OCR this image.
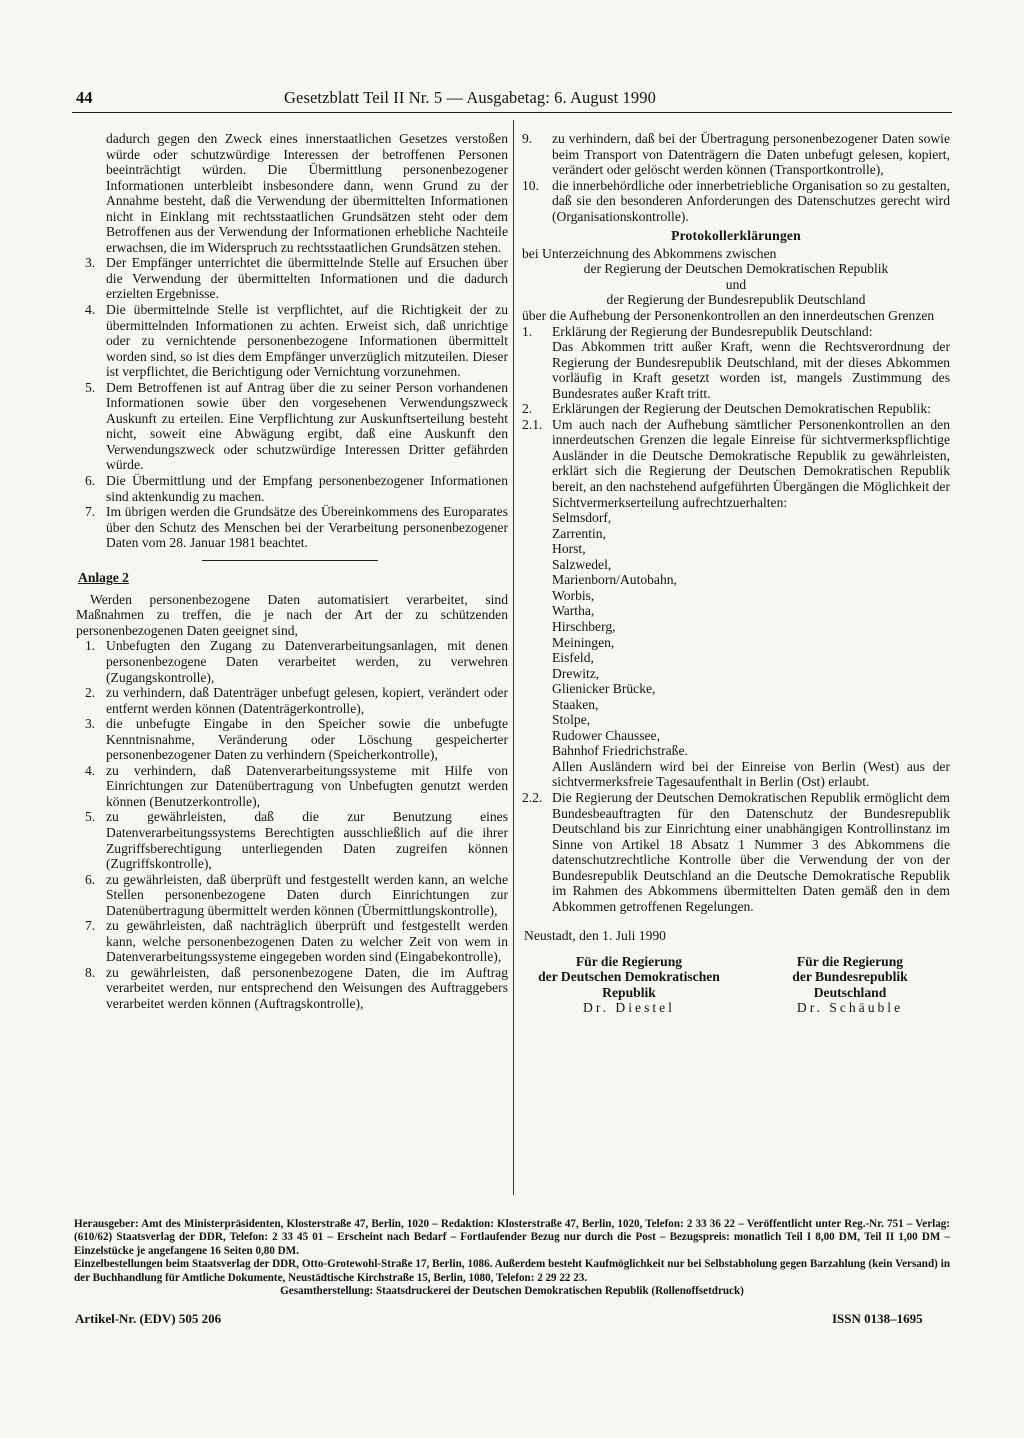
44	Gesetzblatt Teil II Nr. 5 — Ausgabetag: 6. August 1990

dadurch gegen den Zweck eines innerstaatlichen Gesetzes verstoßen würde oder schutzwürdige Interessen der betroffenen Personen beeinträchtigt würden. Die Übermittlung personenbezogener Informationen unterbleibt insbesondere dann, wenn Grund zu der Annahme besteht, daß die Verwendung der übermittelten Informationen nicht in Einklang mit rechtsstaatlichen Grundsätzen steht oder dem Betroffenen aus der Verwendung der Informationen erhebliche Nachteile erwachsen, die im Widerspruch zu rechtsstaatlichen Grundsätzen stehen.

3. Der Empfänger unterrichtet die übermittelnde Stelle auf Ersuchen über die Verwendung der übermittelten Informationen und die dadurch erzielten Ergebnisse.
4. Die übermittelnde Stelle ist verpflichtet, auf die Richtigkeit der zu übermittelnden Informationen zu achten. Erweist sich, daß unrichtige oder zu vernichtende personenbezogene Informationen übermittelt worden sind, so ist dies dem Empfänger unverzüglich mitzuteilen. Dieser ist verpflichtet, die Berichtigung oder Vernichtung vorzunehmen.
5. Dem Betroffenen ist auf Antrag über die zu seiner Person vorhandenen Informationen sowie über den vorgesehenen Verwendungszweck Auskunft zu erteilen. Eine Verpflichtung zur Auskunftserteilung besteht nicht, soweit eine Abwägung ergibt, daß eine Auskunft den Verwendungszweck oder schutzwürdige Interessen Dritter gefährden würde.
6. Die Übermittlung und der Empfang personenbezogener Informationen sind aktenkundig zu machen.
7. Im übrigen werden die Grundsätze des Übereinkommens des Europarates über den Schutz des Menschen bei der Verarbeitung personenbezogener Daten vom 28. Januar 1981 beachtet.
Anlage 2

Werden personenbezogene Daten automatisiert verarbeitet, sind Maßnahmen zu treffen, die je nach der Art der zu schützenden personenbezogenen Daten geeignet sind,

1. Unbefugten den Zugang zu Datenverarbeitungsanlagen, mit denen personenbezogene Daten verarbeitet werden, zu verwehren (Zugangskontrolle),
2. zu verhindern, daß Datenträger unbefugt gelesen, kopiert, verändert oder entfernt werden können (Datenträgerkontrolle),
3. die unbefugte Eingabe in den Speicher sowie die unbefugte Kenntnisnahme, Veränderung oder Löschung gespeicherter personenbezogener Daten zu verhindern (Speicherkontrolle),
4. zu verhindern, daß Datenverarbeitungssysteme mit Hilfe von Einrichtungen zur Datenübertragung von Unbefugten genutzt werden können (Benutzerkontrolle),
5. zu gewährleisten, daß die zur Benutzung eines Datenverarbeitungssystems Berechtigten ausschließlich auf die ihrer Zugriffsberechtigung unterliegenden Daten zugreifen können (Zugriffskontrolle),
6. zu gewährleisten, daß überprüft und festgestellt werden kann, an welche Stellen personenbezogene Daten durch Einrichtungen zur Datenübertragung übermittelt werden können (Übermittlungskontrolle),
7. zu gewährleisten, daß nachträglich überprüft und festgestellt werden kann, welche personenbezogenen Daten zu welcher Zeit von wem in Datenverarbeitungssysteme eingegeben worden sind (Eingabekontrolle),
8. zu gewährleisten, daß personenbezogene Daten, die im Auftrag verarbeitet werden, nur entsprechend den Weisungen des Auftraggebers verarbeitet werden können (Auftragskontrolle),
9. zu verhindern, daß bei der Übertragung personenbezogener Daten sowie beim Transport von Datenträgern die Daten unbefugt gelesen, kopiert, verändert oder gelöscht werden können (Transportkontrolle),
10. die innerbehördliche oder innerbetriebliche Organisation so zu gestalten, daß sie den besonderen Anforderungen des Datenschutzes gerecht wird (Organisationskontrolle).
Protokollerklärungen

bei Unterzeichnung des Abkommens zwischen

der Regierung der Deutschen Demokratischen Republik

und

der Regierung der Bundesrepublik Deutschland

über die Aufhebung der Personenkontrollen an den innerdeutschen Grenzen

1. Erklärung der Regierung der Bundesrepublik Deutschland:
Das Abkommen tritt außer Kraft, wenn die Rechtsverordnung der Regierung der Bundesrepublik Deutschland, mit der dieses Abkommen vorläufig in Kraft gesetzt worden ist, mangels Zustimmung des Bundesrates außer Kraft tritt.
2. Erklärungen der Regierung der Deutschen Demokratischen Republik:
2.1. Um auch nach der Aufhebung sämtlicher Personenkontrollen an den innerdeutschen Grenzen die legale Einreise für sichtvermerkspflichtige Ausländer in die Deutsche Demokratische Republik zu gewährleisten, erklärt sich die Regierung der Deutschen Demokratischen Republik bereit, an den nachstehend aufgeführten Übergängen die Möglichkeit der Sichtvermerkserteilung aufrechtzuerhalten:
Selmsdorf,
Zarrentin,
Horst,
Salzwedel,
Marienborn/Autobahn,
Worbis,
Wartha,
Hirschberg,
Meiningen,
Eisfeld,
Drewitz,
Glienicker Brücke,
Staaken,
Stolpe,
Rudower Chaussee,
Bahnhof Friedrichstraße.
Allen Ausländern wird bei der Einreise von Berlin (West) aus der sichtvermerksfreie Tagesaufenthalt in Berlin (Ost) erlaubt.
2.2. Die Regierung der Deutschen Demokratischen Republik ermöglicht dem Bundesbeauftragten für den Datenschutz der Bundesrepublik Deutschland bis zur Einrichtung einer unabhängigen Kontrollinstanz im Sinne von Artikel 18 Absatz 1 Nummer 3 des Abkommens die datenschutzrechtliche Kontrolle über die Verwendung der von der Bundesrepublik Deutschland an die Deutsche Demokratische Republik im Rahmen des Abkommens übermittelten Daten gemäß den in dem Abkommen getroffenen Regelungen.
Neustadt, den 1. Juli 1990
Für die Regierung
der Deutschen Demokratischen
Republik
Dr. Diestel
Für die Regierung
der Bundesrepublik
Deutschland
Dr. Schäuble

Herausgeber: Amt des Ministerpräsidenten, Klosterstraße 47, Berlin, 1020 – Redaktion: Klosterstraße 47, Berlin, 1020, Telefon: 2 33 36 22 – Veröffentlicht unter Reg.-Nr. 751 – Verlag: (610/62) Staatsverlag der DDR, Telefon: 2 33 45 01 – Erscheint nach Bedarf – Fortlaufender Bezug nur durch die Post – Bezugspreis: monatlich Teil I 8,00 DM, Teil II 1,00 DM – Einzelstücke je angefangene 16 Seiten 0,80 DM.

Einzelbestellungen beim Staatsverlag der DDR, Otto-Grotewohl-Straße 17, Berlin, 1086. Außerdem besteht Kaufmöglichkeit nur bei Selbstabholung gegen Barzahlung (kein Versand) in der Buchhandlung für Amtliche Dokumente, Neustädtische Kirchstraße 15, Berlin, 1080, Telefon: 2 29 22 23.

Gesamtherstellung: Staatsdruckerei der Deutschen Demokratischen Republik (Rollenoffsetdruck)

Artikel-Nr. (EDV) 505 206	ISSN 0138–1695
